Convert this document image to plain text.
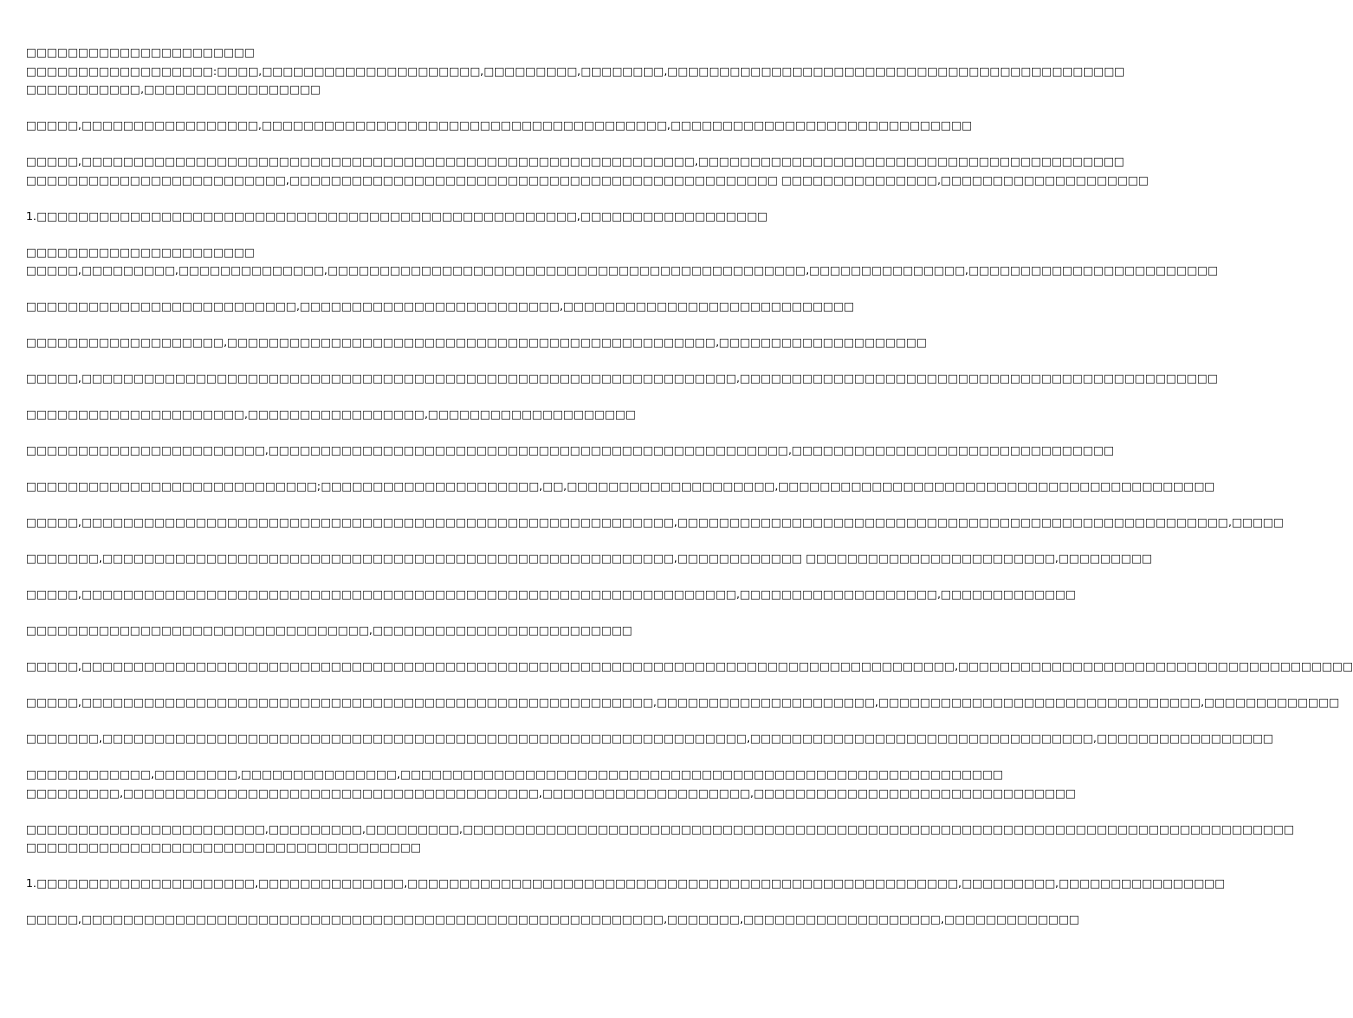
□□□□□□□□□□□□□□□□□□□□□□
□□□□□□□□□□□□□□□□□□:□□□□,□□□□□□□□□□□□□□□□□□□□□,□□□□□□□□□,□□□□□□□□,□□□□□□□□□□□□□□□□□□□□□□□□□□□□□□□□□□□□□□□□□□□□
□□□□□□□□□□□,□□□□□□□□□□□□□□□□□
□□□□□,□□□□□□□□□□□□□□□□□,□□□□□□□□□□□□□□□□□□□□□□□□□□□□□□□□□□□□□□□,□□□□□□□□□□□□□□□□□□□□□□□□□□□□□
□□□□□,□□□□□□□□□□□□□□□□□□□□□□□□□□□□□□□□□□□□□□□□□□□□□□□□□□□□□□□□□□□,□□□□□□□□□□□□□□□□□□□□□□□□□□□□□□□□□□□□□□□□□
□□□□□□□□□□□□□□□□□□□□□□□□□,□□□□□□□□□□□□□□□□□□□□□□□□□□□□□□□□□□□□□□□□□□□□□□□ □□□□□□□□□□□□□□□,□□□□□□□□□□□□□□□□□□□□
1.□□□□□□□□□□□□□□□□□□□□□□□□□□□□□□□□□□□□□□□□□□□□□□□□□□□□,□□□□□□□□□□□□□□□□□□
□□□□□□□□□□□□□□□□□□□□□□
□□□□□,□□□□□□□□□,□□□□□□□□□□□□□□,□□□□□□□□□□□□□□□□□□□□□□□□□□□□□□□□□□□□□□□□□□□□□□,□□□□□□□□□□□□□□□,□□□□□□□□□□□□□□□□□□□□□□□□
□□□□□□□□□□□□□□□□□□□□□□□□□□,□□□□□□□□□□□□□□□□□□□□□□□□□,□□□□□□□□□□□□□□□□□□□□□□□□□□□□
□□□□□□□□□□□□□□□□□□□,□□□□□□□□□□□□□□□□□□□□□□□□□□□□□□□□□□□□□□□□□□□□□□□,□□□□□□□□□□□□□□□□□□□□
□□□□□,□□□□□□□□□□□□□□□□□□□□□□□□□□□□□□□□□□□□□□□□□□□□□□□□□□□□□□□□□□□□□□□,□□□□□□□□□□□□□□□□□□□□□□□□□□□□□□□□□□□□□□□□□□□□□□
□□□□□□□□□□□□□□□□□□□□□,□□□□□□□□□□□□□□□□□,□□□□□□□□□□□□□□□□□□□□
□□□□□□□□□□□□□□□□□□□□□□□,□□□□□□□□□□□□□□□□□□□□□□□□□□□□□□□□□□□□□□□□□□□□□□□□□□,□□□□□□□□□□□□□□□□□□□□□□□□□□□□□□□
□□□□□□□□□□□□□□□□□□□□□□□□□□□□;□□□□□□□□□□□□□□□□□□□□□,□□,□□□□□□□□□□□□□□□□□□□□,□□□□□□□□□□□□□□□□□□□□□□□□□□□□□□□□□□□□□□□□□□
□□□□□,□□□□□□□□□□□□□□□□□□□□□□□□□□□□□□□□□□□□□□□□□□□□□□□□□□□□□□□□□,□□□□□□□□□□□□□□□□□□□□□□□□□□□□□□□□□□□□□□□□□□□□□□□□□□□□□,□□□□□
□□□□□□□,□□□□□□□□□□□□□□□□□□□□□□□□□□□□□□□□□□□□□□□□□□□□□□□□□□□□□□□,□□□□□□□□□□□□ □□□□□□□□□□□□□□□□□□□□□□□□,□□□□□□□□□
□□□□□,□□□□□□□□□□□□□□□□□□□□□□□□□□□□□□□□□□□□□□□□□□□□□□□□□□□□□□□□□□□□□□□,□□□□□□□□□□□□□□□□□□□,□□□□□□□□□□□□□
□□□□□□□□□□□□□□□□□□□□□□□□□□□□□□□□□,□□□□□□□□□□□□□□□□□□□□□□□□□
□□□□□,□□□□□□□□□□□□□□□□□□□□□□□□□□□□□□□□□□□□□□□□□□□□□□□□□□□□□□□□□□□□□□□□□□□□□□□□□□□□□□□□□□□□,□□□□□□□□□□□□□□□□□□□□□□□□□□□□□□□□□□□□□□
□□□□□,□□□□□□□□□□□□□□□□□□□□□□□□□□□□□□□□□□□□□□□□□□□□□□□□□□□□□□□,□□□□□□□□□□□□□□□□□□□□□,□□□□□□□□□□□□□□□□□□□□□□□□□□□□□□□,□□□□□□□□□□□□□
□□□□□□□,□□□□□□□□□□□□□□□□□□□□□□□□□□□□□□□□□□□□□□□□□□□□□□□□□□□□□□□□□□□□□□,□□□□□□□□□□□□□□□□□□□□□□□□□□□□□□□□□,□□□□□□□□□□□□□□□□□
□□□□□□□□□□□□,□□□□□□□□,□□□□□□□□□□□□□□□,□□□□□□□□□□□□□□□□□□□□□□□□□□□□□□□□□□□□□□□□□□□□□□□□□□□□□□□□□□
□□□□□□□□□,□□□□□□□□□□□□□□□□□□□□□□□□□□□□□□□□□□□□□□□□,□□□□□□□□□□□□□□□□□□□□,□□□□□□□□□□□□□□□□□□□□□□□□□□□□□□□
□□□□□□□□□□□□□□□□□□□□□□□,□□□□□□□□□,□□□□□□□□□,□□□□□□□□□□□□□□□□□□□□□□□□□□□□□□□□□□□□□□□□□□□□□□□□□□□□□□□□□□□□□□□□□□□□□□□□□□□□□□□□
□□□□□□□□□□□□□□□□□□□□□□□□□□□□□□□□□□□□□□
1.□□□□□□□□□□□□□□□□□□□□□,□□□□□□□□□□□□□□,□□□□□□□□□□□□□□□□□□□□□□□□□□□□□□□□□□□□□□□□□□□□□□□□□□□□□,□□□□□□□□□,□□□□□□□□□□□□□□□□
□□□□□,□□□□□□□□□□□□□□□□□□□□□□□□□□□□□□□□□□□□□□□□□□□□□□□□□□□□□□□□,□□□□□□□,□□□□□□□□□□□□□□□□□□□,□□□□□□□□□□□□□
